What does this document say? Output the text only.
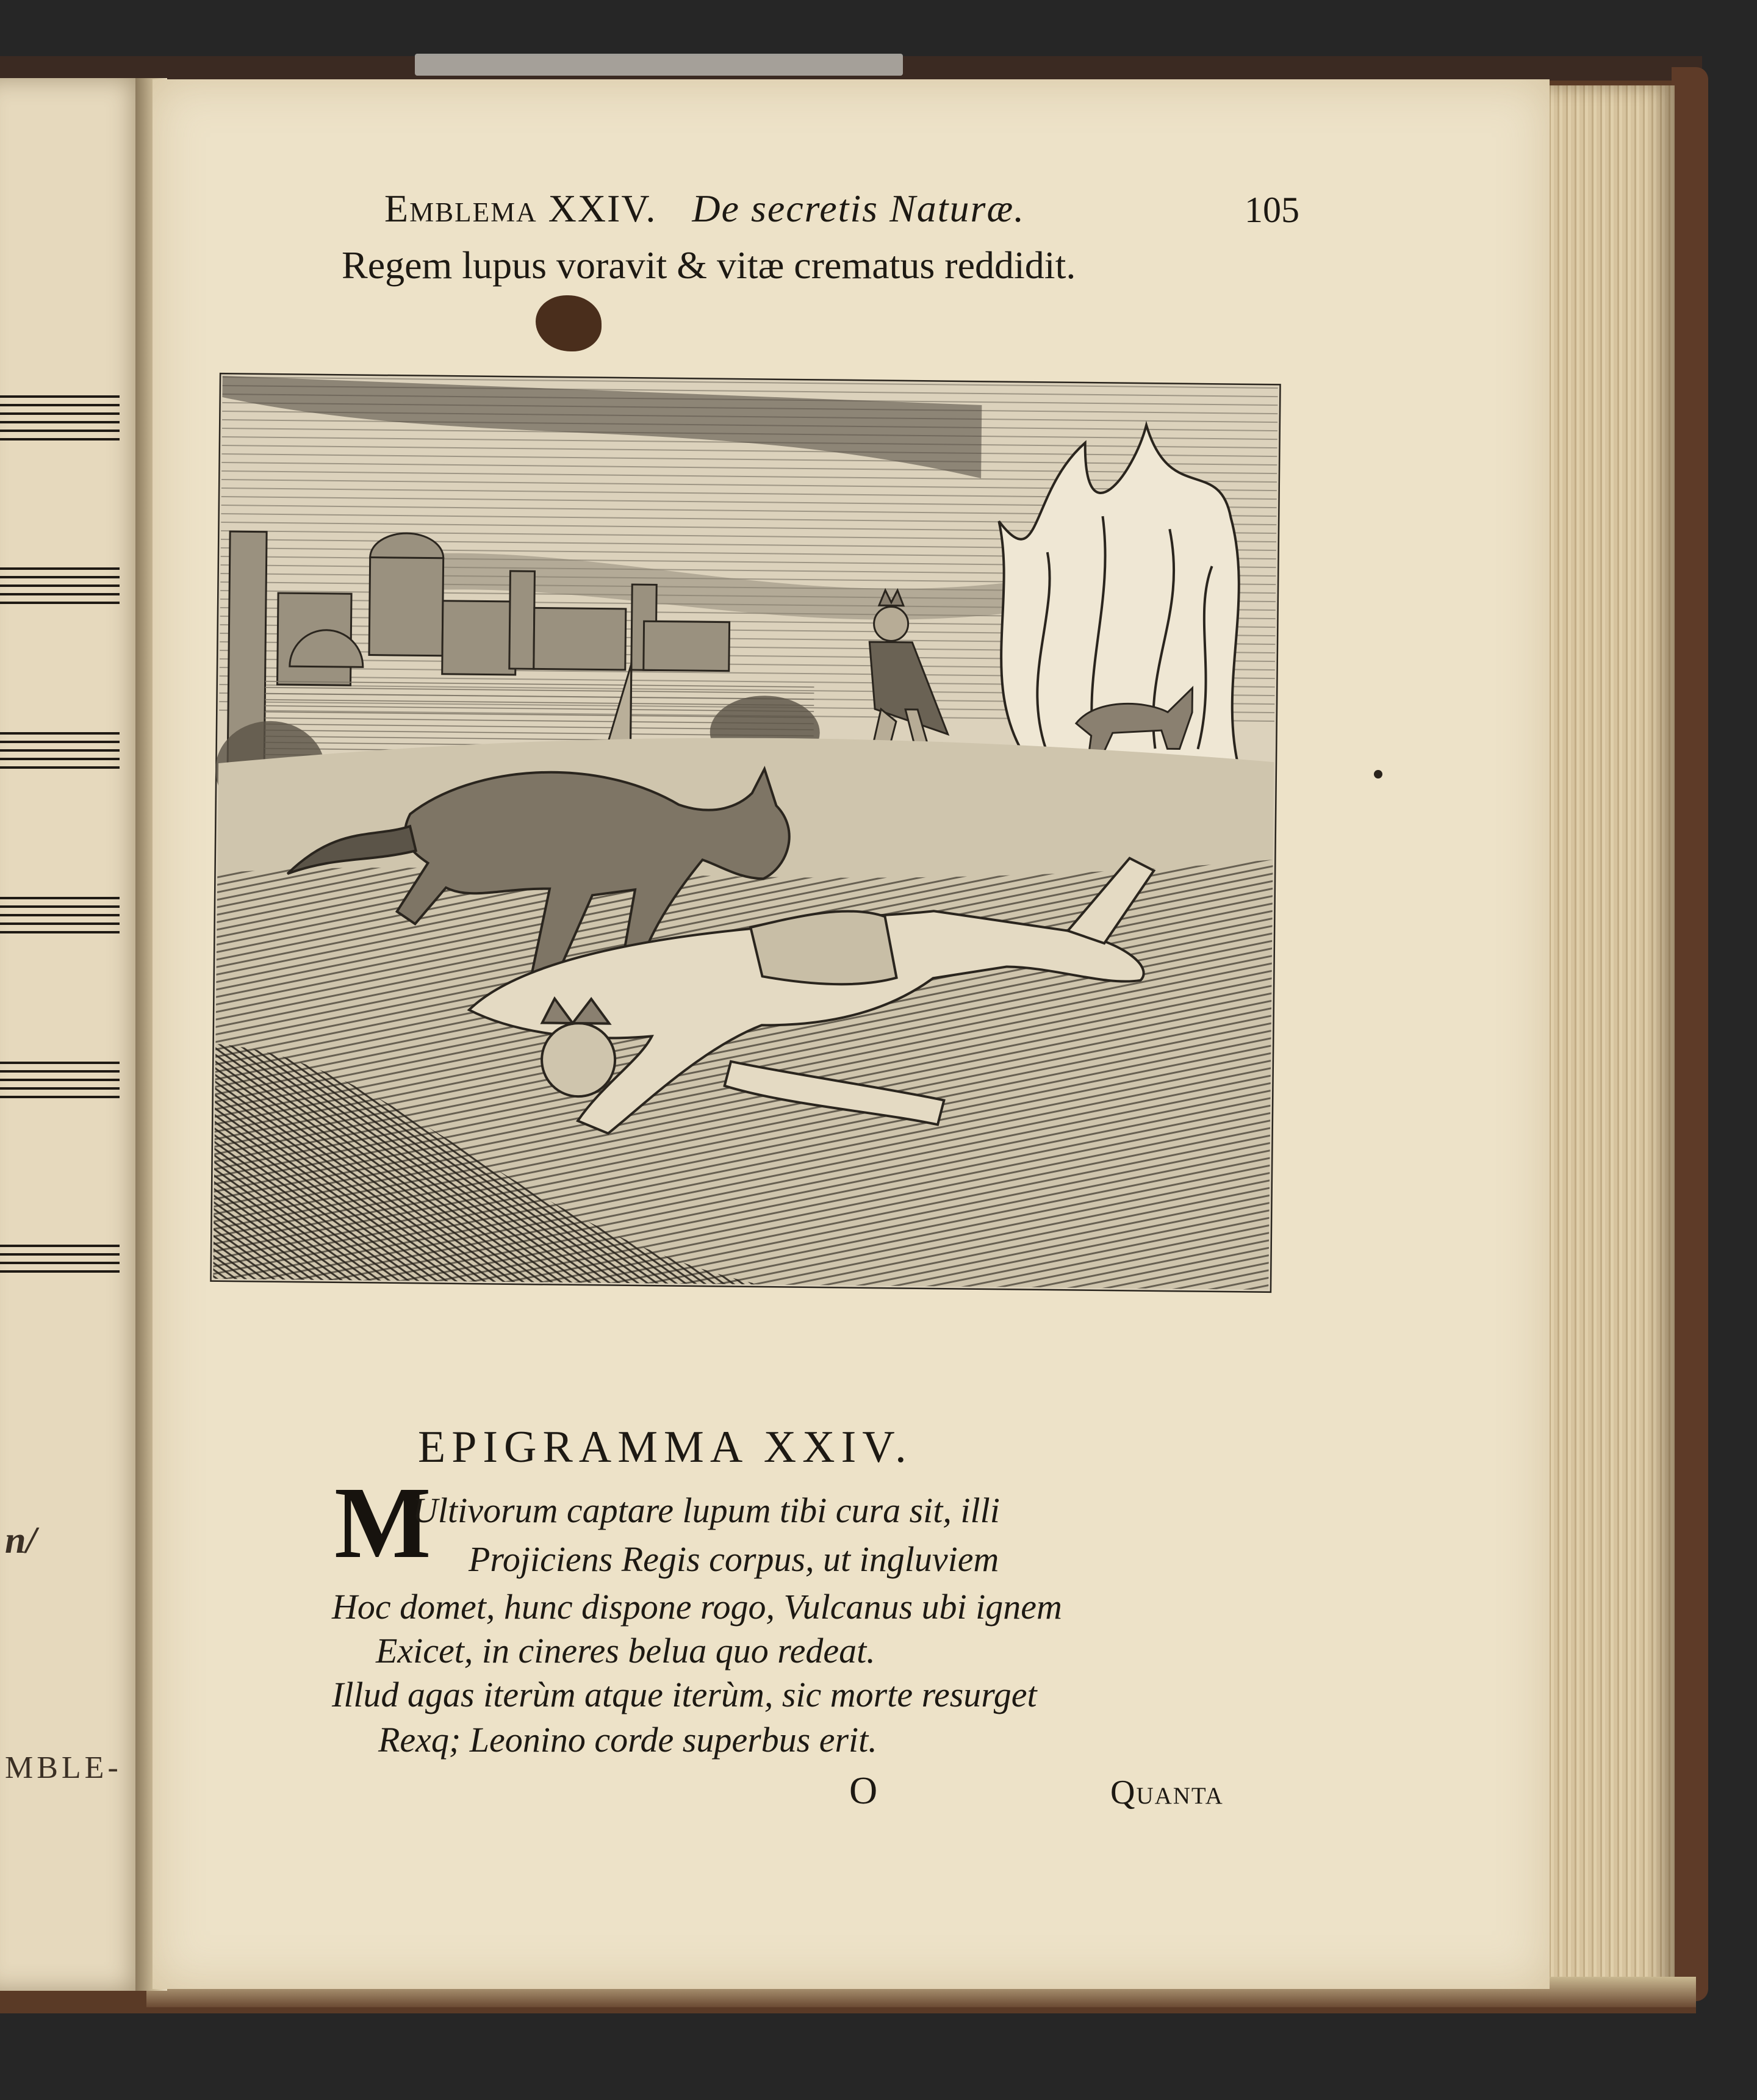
n/
MBLE-
Emblema XXIV. De secretis Naturæ.	105
Regem lupus voravit & vitæ crematus reddidit.
EPIGRAMMA XXIV.
M
Ultivorum captare lupum tibi cura sit, illi
Projiciens Regis corpus, ut ingluviem
Hoc domet, hunc dispone rogo, Vulcanus ubi ignem
Exicet, in cineres belua quo redeat.
Illud agas iterùm atque iterùm, sic morte resurget
Rexq; Leonino corde superbus erit.
O	Quanta
